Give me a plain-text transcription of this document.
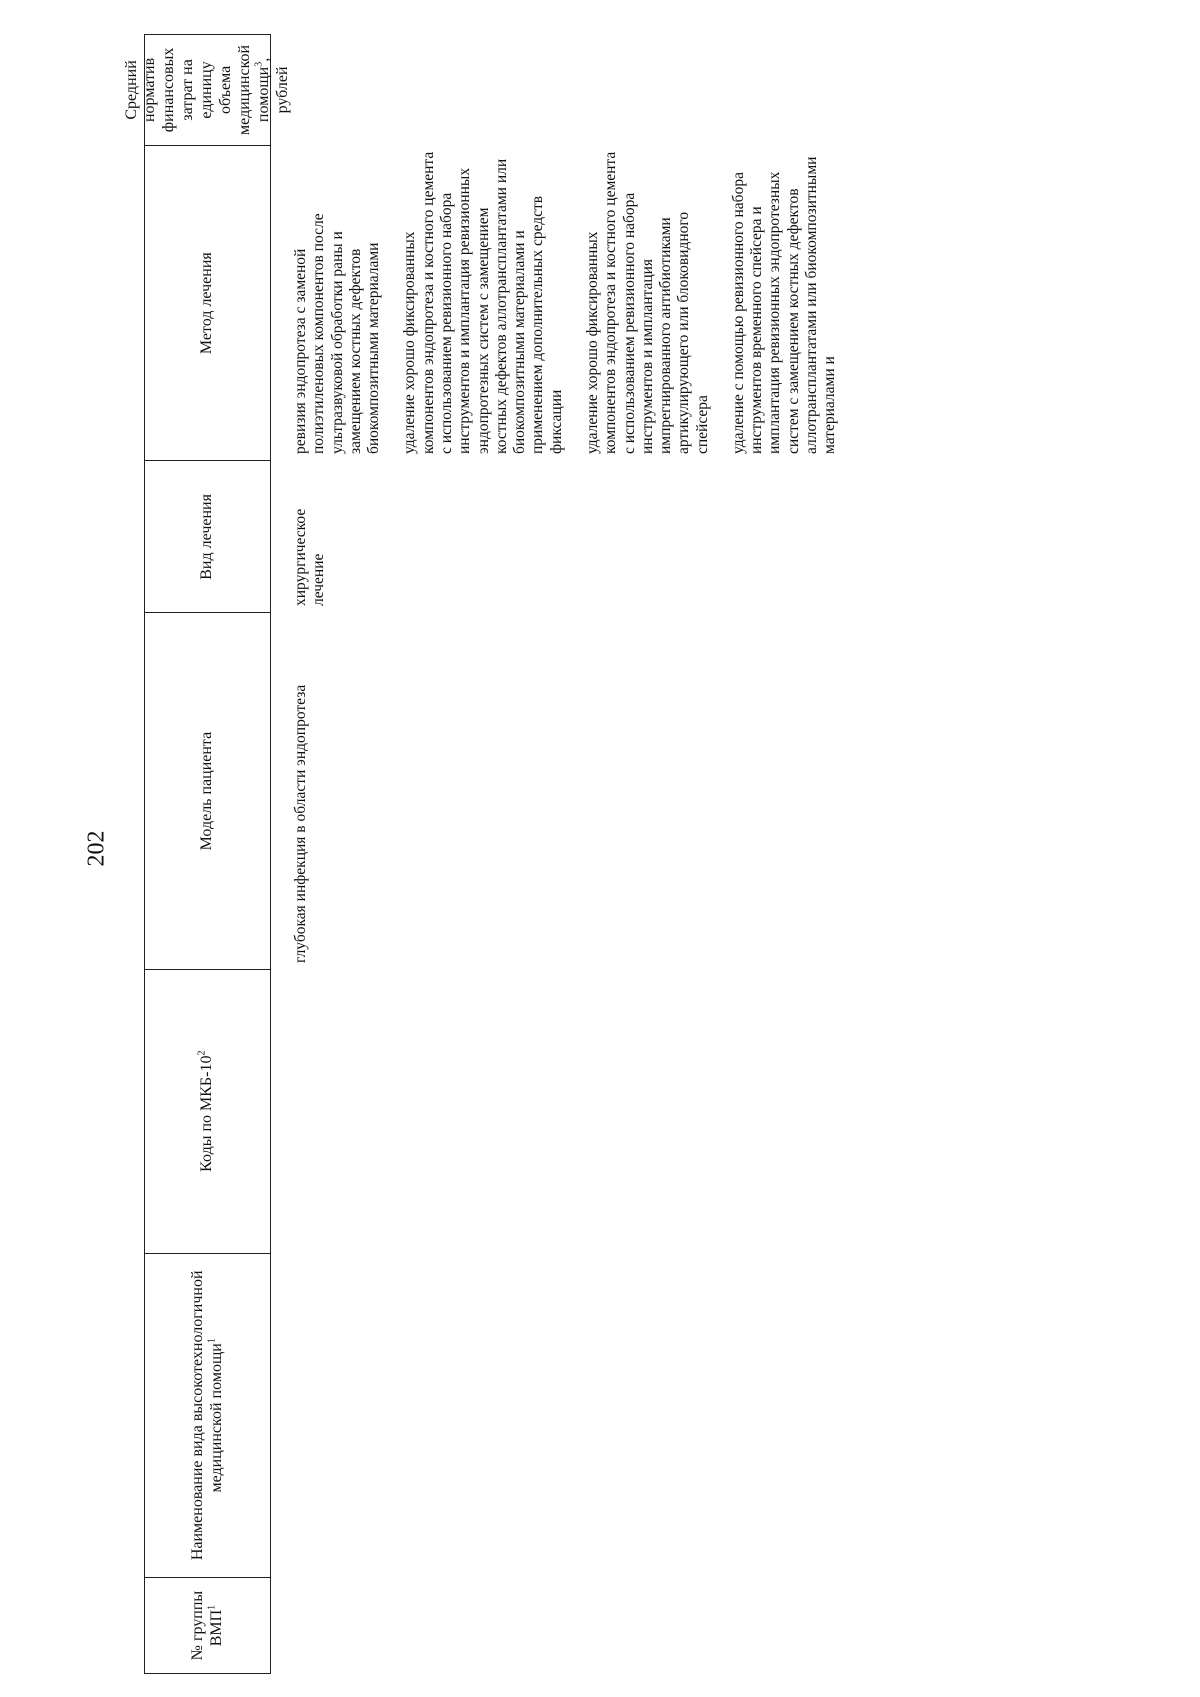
202
№ группы ВМП$^1$
Наименование вида высокотехнологичной медицинской помощи$^1$
Коды по МКБ-$10^2$
Модель пациента
Вид лечения
Метод лечения
Средний норматив финансовых затрат на единицу объема медицинской помощи$^3$, рублей
глубокая инфекция в области эндопротеза
хирургическое лечение
ревизия эндопротеза с заменой полиэтиленовых компонентов после ультразвуковой обработки раны и замещением костных дефектов биокомпозитными материалами удаление хорошо фиксированных компонентов эндопротеза и костного цемента с использованием ревизионного набора инструментов и имплантация ревизионных эндопротезных систем с замещением костных дефектов аллотрансплантатами или биокомпозитными материалами и применением дополнительных средств фиксации удаление хорошо фиксированных компонентов эндопротеза и костного цемента с использованием ревизионного набора инструментов и имплантация импрегнированного антибиотиками артикулирующего или блоковидного спейсера удаление с помощью ревизионного набора инструментов временного спейсера и имплантация ревизионных эндопротезных систем с замещением костных дефектов аллотрансплантатами или биокомпозитными материалами и
